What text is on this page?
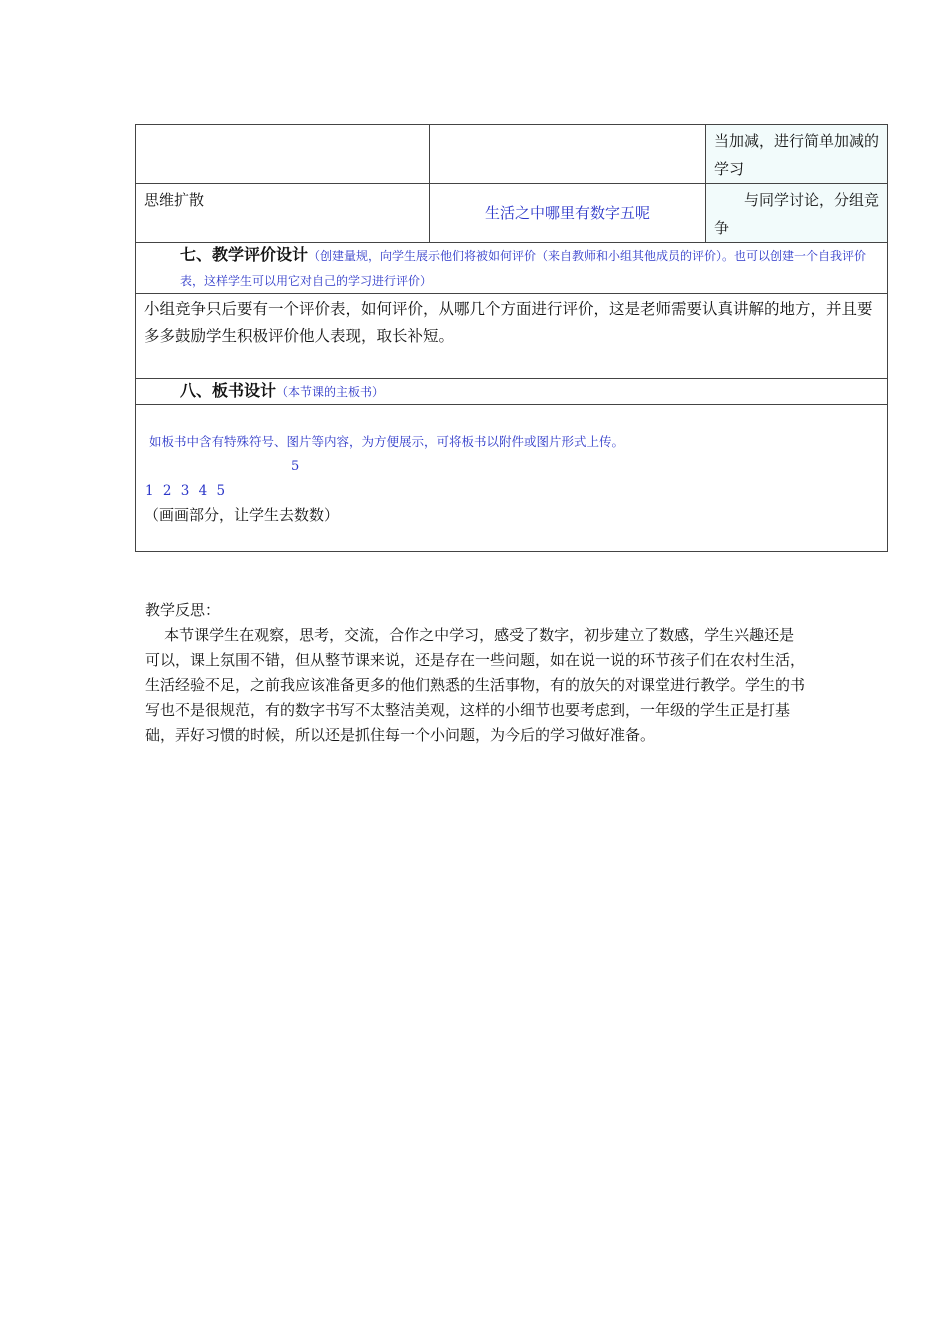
		当加减，进行简单加减的学习

思维扩散	生活之中哪里有数字五呢	与同学讨论，分组竞争

七、教学评价设计（创建量规，向学生展示他们将被如何评价（来自教师和小组其他成员的评价）。也可以创建一个自我评价表，这样学生可以用它对自己的学习进行评价）		

小组竞争只后要有一个评价表，如何评价，从哪几个方面进行评价，这是老师需要认真讲解的地方，并且要多多鼓励学生积极评价他人表现，取长补短。		

八、板书设计（本节课的主板书）		

如板书中含有特殊符号、图片等内容，为方便展示，可将板书以附件或图片形式上传。
5
1 2 3 4 5
（画画部分，让学生去数数）		

教学反思：

本节课学生在观察，思考，交流，合作之中学习，感受了数字，初步建立了数感，学生兴趣还是可以，课上氛围不错，但从整节课来说，还是存在一些问题，如在说一说的环节孩子们在农村生活，生活经验不足，之前我应该准备更多的他们熟悉的生活事物，有的放矢的对课堂进行教学。学生的书写也不是很规范，有的数字书写不太整洁美观，这样的小细节也要考虑到，一年级的学生正是打基础，弄好习惯的时候，所以还是抓住每一个小问题，为今后的学习做好准备。
